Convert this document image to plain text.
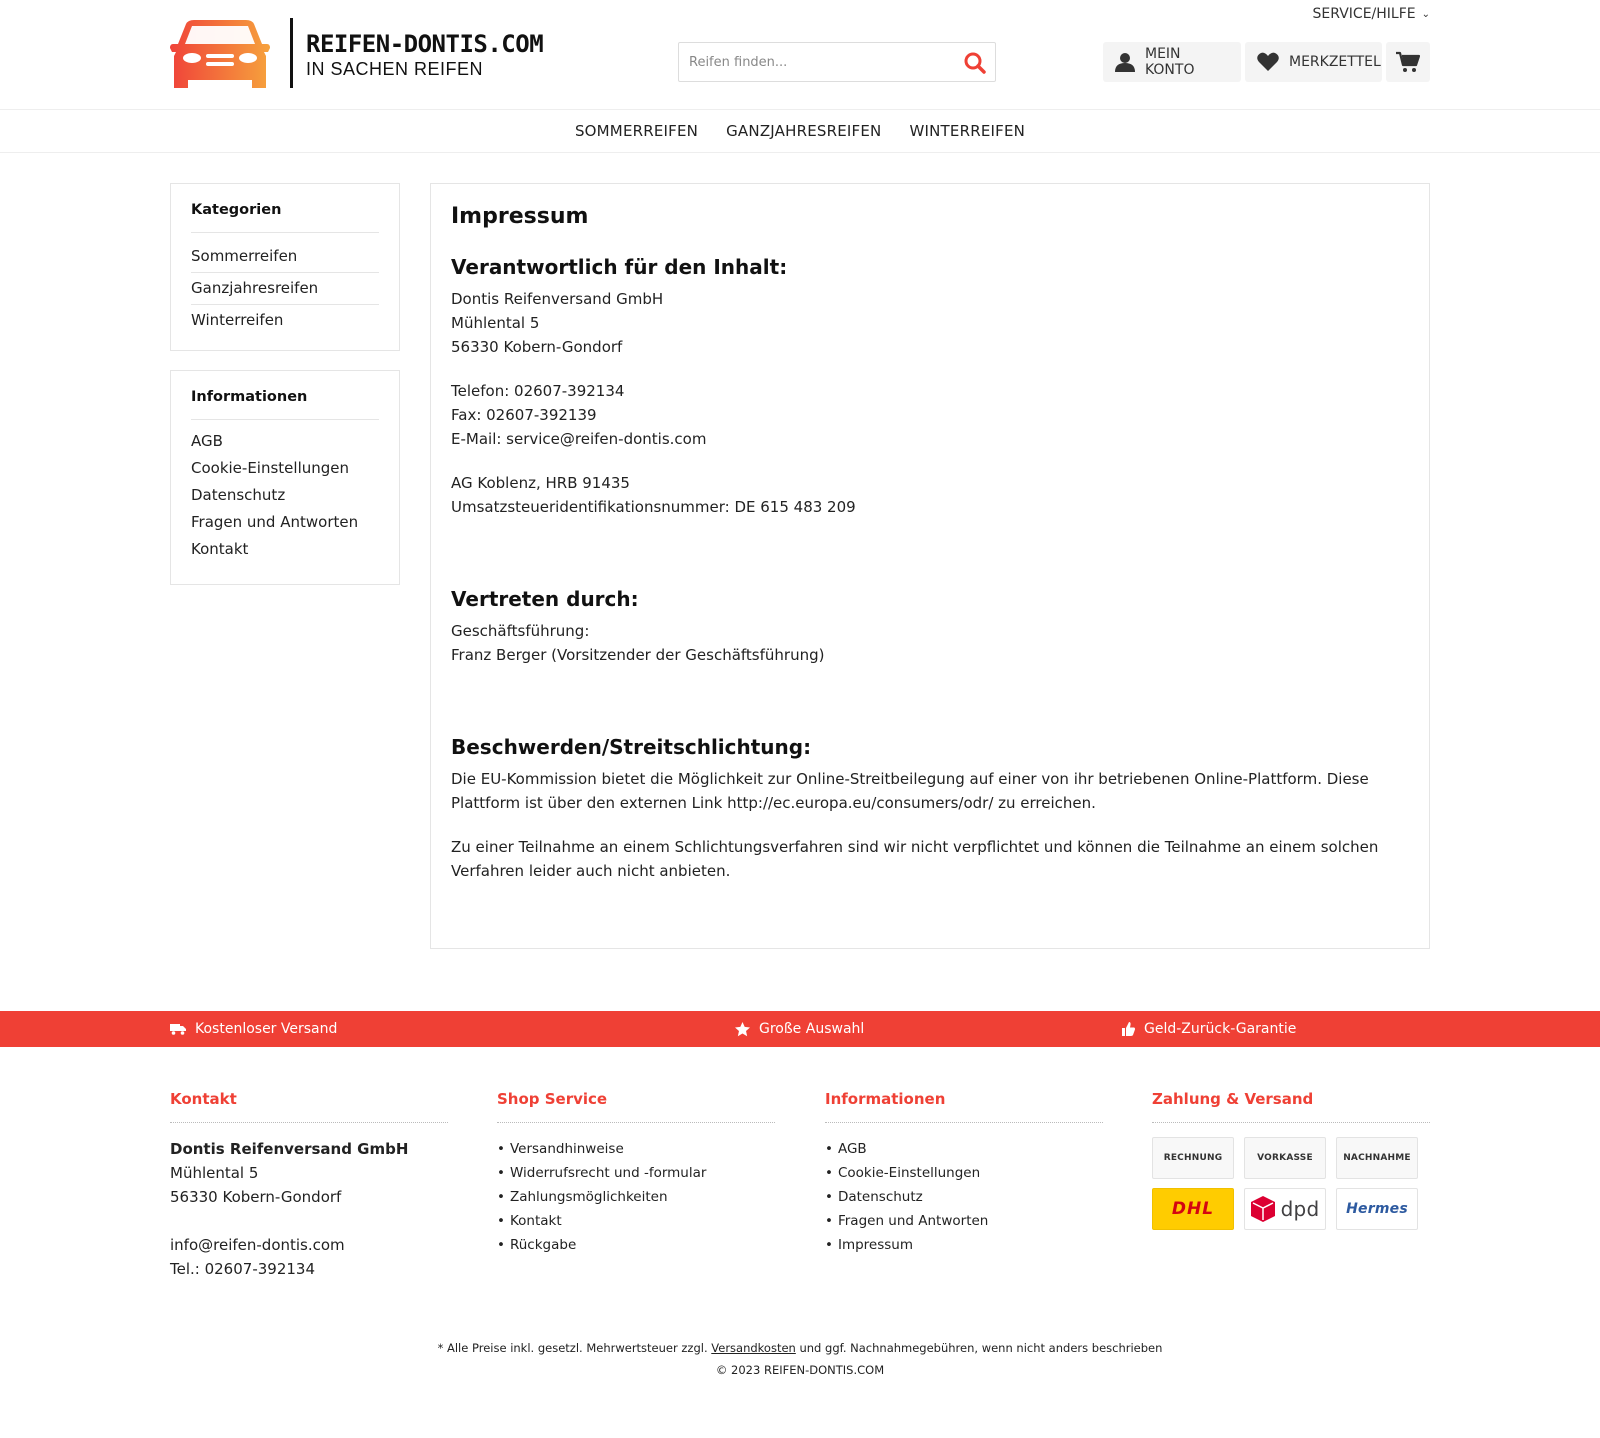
REIFEN-DONTIS.COM
IN SACHEN REIFEN
SERVICE/HILFE ⌄
Reifen finden...
MEIN KONTO	MERKZETTEL
SOMMERREIFEN GANZJAHRESREIFEN WINTERREIFEN
Kategorien
Sommerreifen
Ganzjahresreifen
Winterreifen
Informationen
AGB
Cookie-Einstellungen
Datenschutz
Fragen und Antworten
Kontakt
Impressum
Verantwortlich für den Inhalt:

Dontis Reifenversand GmbH

Mühlental 5

56330 Kobern-Gondorf

Telefon: 02607-392134

Fax: 02607-392139

E-Mail: service@reifen-dontis.com

AG Koblenz, HRB 91435

Umsatzsteueridentifikationsnummer: DE 615 483 209

Vertreten durch:

Geschäftsführung:

Franz Berger (Vorsitzender der Geschäftsführung)

Beschwerden/Streitschlichtung:

Die EU-Kommission bietet die Möglichkeit zur Online-Streitbeilegung auf einer von ihr betriebenen Online-Plattform. Diese Plattform ist über den externen Link http://ec.europa.eu/consumers/odr/ zu erreichen.

Zu einer Teilnahme an einem Schlichtungsverfahren sind wir nicht verpflichtet und können die Teilnahme an einem solchen Verfahren leider auch nicht anbieten.

Kostenloser Versand	Große Auswahl	Geld-Zurück-Garantie
Kontakt
Dontis Reifenversand GmbH
Mühlental 5
56330 Kobern-Gondorf
info@reifen-dontis.com
Tel.: 02607-392134
Shop Service
• Versandhinweise
• Widerrufsrecht und -formular
• Zahlungsmöglichkeiten
• Kontakt
• Rückgabe
Informationen
• AGB
• Cookie-Einstellungen
• Datenschutz
• Fragen und Antworten
• Impressum
Zahlung & Versand
RECHNUNG	VORKASSE	NACHNAHME
DHL	dpd Hermes
* Alle Preise inkl. gesetzl. Mehrwertsteuer zzgl. Versandkosten und ggf. Nachnahmegebühren, wenn nicht anders beschrieben
© 2023 REIFEN-DONTIS.COM
